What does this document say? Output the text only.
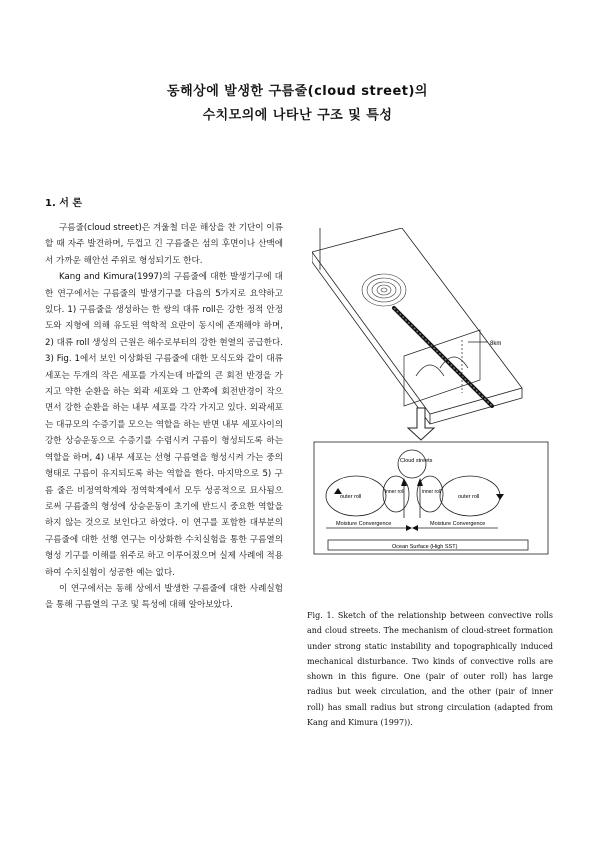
동해상에 발생한 구름줄(cloud street)의
수치모의에 나타난 구조 및 특성
1. 서 론

구름줄(cloud street)은 겨울철 더운 해상을 찬 기단이 이류할 때 자주 발견하며, 두껍고 긴 구름줄은 섬의 후면이나 산맥에서 가까운 해안선 주위로 형성되기도 한다.

Kang and Kimura(1997)의 구름줄에 대한 발생기구에 대한 연구에서는 구름줄의 발생기구를 다음의 5가지로 요약하고 있다. 1) 구름줄을 생성하는 한 쌍의 대류 roll은 강한 정적 안정도와 지형에 의해 유도된 역학적 요란이 동시에 존재해야 하며, 2) 대류 roll 생성의 근원은 해수로부터의 강한 현열의 공급한다. 3) Fig. 1에서 보인 이상화된 구름줄에 대한 모식도와 같이 대류 세포는 두개의 작은 세포를 가지는데 바깥의 큰 회전 반경을 가지고 약한 순환을 하는 외곽 세포와 그 안쪽에 회전반경이 작으면서 강한 순환을 하는 내부 세포를 각각 가지고 있다. 외곽세포는 대규모의 수증기를 모으는 역할을 하는 반면 내부 세포사이의 강한 상승운동으로 수증기를 수렴시켜 구름이 형성되도록 하는 역할을 하며, 4) 내부 세포는 선형 구름열을 형성시켜 가는 중의 형태로 구름이 유지되도록 하는 역할을 한다. 마지막으로 5) 구름 줄은 비정역학계와 정역학계에서 모두 성공적으로 묘사됨으로써 구름줄의 형성에 상승운동이 초기에 반드시 중요한 역할을 하지 않는 것으로 보인다고 하였다. 이 연구를 포함한 대부분의 구름줄에 대한 선행 연구는 이상화한 수치실험을 통한 구름열의 형성 기구를 이해를 위주로 하고 이루어졌으며 실제 사례에 적용하여 수치실험이 성공한 예는 없다.

이 연구에서는 동해 상에서 발생한 구름줄에 대한 사례실험을 통해 구름열의 구조 및 특성에 대해 알아보았다.

8km
Cloud streets
outer roll	outer roll
inner roll	inner roll
Moisture Convergence	Moisture Convergence
Ocean Surface (High SST)
Fig. 1. Sketch of the relationship between convective rolls and cloud streets. The mechanism of cloud-street formation under strong static instability and topographically induced mechanical disturbance. Two kinds of convective rolls are shown in this figure. One (pair of outer roll) has large radius but week circulation, and the other (pair of inner roll) has small radius but strong circulation (adapted from Kang and Kimura (1997)).
